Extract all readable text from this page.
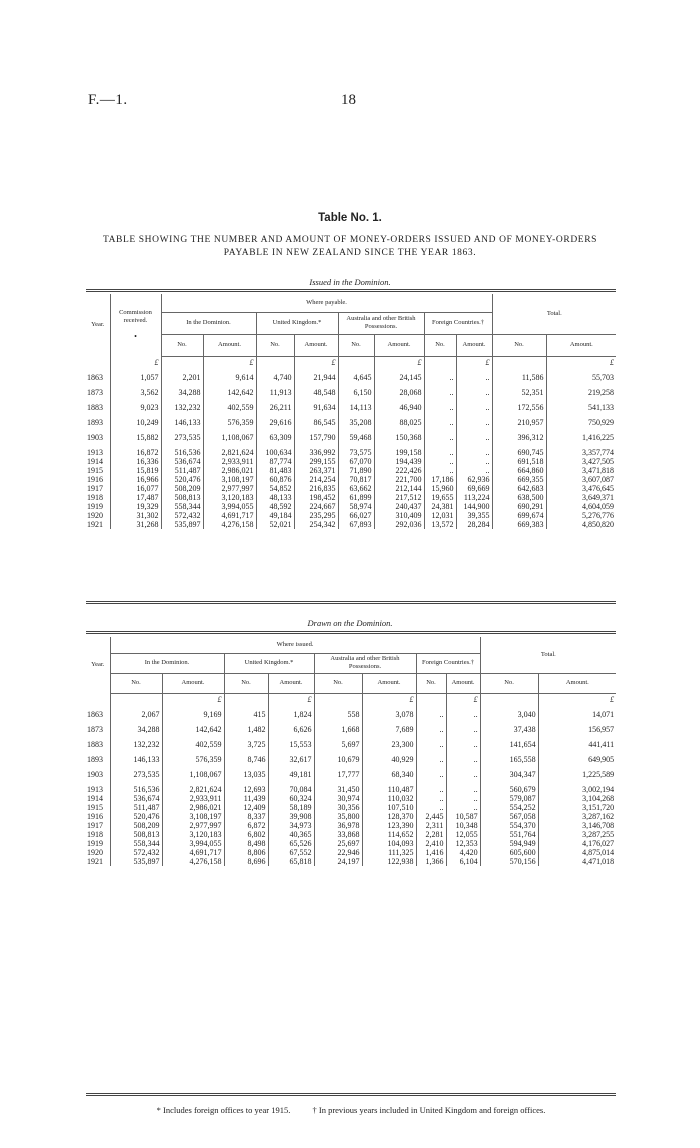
F.—1.	18
Table No. 1.
TABLE SHOWING THE NUMBER AND AMOUNT OF MONEY-ORDERS ISSUED AND OF MONEY-ORDERS
PAYABLE IN NEW ZEALAND SINCE THE YEAR 1863.
Issued in the Dominion.
Year.	Commission received.
•	Where payable.								Total.	
		In the Dominion.		United Kingdom.*		Australia and other British Possessions.		Foreign Countries.†			
		No.	Amount.	No.	Amount.	No.	Amount.	No.	Amount.	No.	Amount.
	£		£		£		£		£		£
1863	1,057	2,201	9,614	4,740	21,944	4,645	24,145	..	..	11,586	55,703
1873	3,562	34,288	142,642	11,913	48,548	6,150	28,068	..	..	52,351	219,258
1883	9,023	132,232	402,559	26,211	91,634	14,113	46,940	..	..	172,556	541,133
1893	10,249	146,133	576,359	29,616	86,545	35,208	88,025	..	..	210,957	750,929
1903	15,882	273,535	1,108,067	63,309	157,790	59,468	150,368	..	..	396,312	1,416,225
1913	16,872	516,536	2,821,624	100,634	336,992	73,575	199,158	..	..	690,745	3,357,774
1914	16,336	536,674	2,933,911	87,774	299,155	67,070	194,439	..	..	691,518	3,427,505
1915	15,819	511,487	2,986,021	81,483	263,371	71,890	222,426	..	..	664,860	3,471,818
1916	16,966	520,476	3,108,197	60,876	214,254	70,817	221,700	17,186	62,936	669,355	3,607,087
1917	16,077	508,209	2,977,997	54,852	216,835	63,662	212,144	15,960	69,669	642,683	3,476,645
1918	17,487	508,813	3,120,183	48,133	198,452	61,899	217,512	19,655	113,224	638,500	3,649,371
1919	19,329	558,344	3,994,055	48,592	224,667	58,974	240,437	24,381	144,900	690,291	4,604,059
1920	31,302	572,432	4,691,717	49,184	235,295	66,027	310,409	12,031	39,355	699,674	5,276,776
1921	31,268	535,897	4,276,158	52,021	254,342	67,893	292,036	13,572	28,284	669,383	4,850,820
Drawn on the Dominion.
Year.	Where issued.								Total.	
	In the Dominion.		United Kingdom.*		Australia and other British Possessions.		Foreign Countries.†			
	No.	Amount.	No.	Amount.	No.	Amount.	No.	Amount.	No.	Amount.
		£		£		£		£		£
1863	2,067	9,169	415	1,824	558	3,078	..	..	3,040	14,071
1873	34,288	142,642	1,482	6,626	1,668	7,689	..	..	37,438	156,957
1883	132,232	402,559	3,725	15,553	5,697	23,300	..	..	141,654	441,411
1893	146,133	576,359	8,746	32,617	10,679	40,929	..	..	165,558	649,905
1903	273,535	1,108,067	13,035	49,181	17,777	68,340	..	..	304,347	1,225,589
1913	516,536	2,821,624	12,693	70,084	31,450	110,487	..	..	560,679	3,002,194
1914	536,674	2,933,911	11,439	60,324	30,974	110,032	..	..	579,087	3,104,268
1915	511,487	2,986,021	12,409	58,189	30,356	107,510	..	..	554,252	3,151,720
1916	520,476	3,108,197	8,337	39,908	35,800	128,370	2,445	10,587	567,058	3,287,162
1917	508,209	2,977,997	6,872	34,973	36,978	123,390	2,311	10,348	554,370	3,146,708
1918	508,813	3,120,183	6,802	40,365	33,868	114,652	2,281	12,055	551,764	3,287,255
1919	558,344	3,994,055	8,498	65,526	25,697	104,093	2,410	12,353	594,949	4,176,027
1920	572,432	4,691,717	8,806	67,552	22,946	111,325	1,416	4,420	605,600	4,875,014
1921	535,897	4,276,158	8,696	65,818	24,197	122,938	1,366	6,104	570,156	4,471,018
* Includes foreign offices to year 1915.	† In previous years included in United Kingdom and foreign offices.
